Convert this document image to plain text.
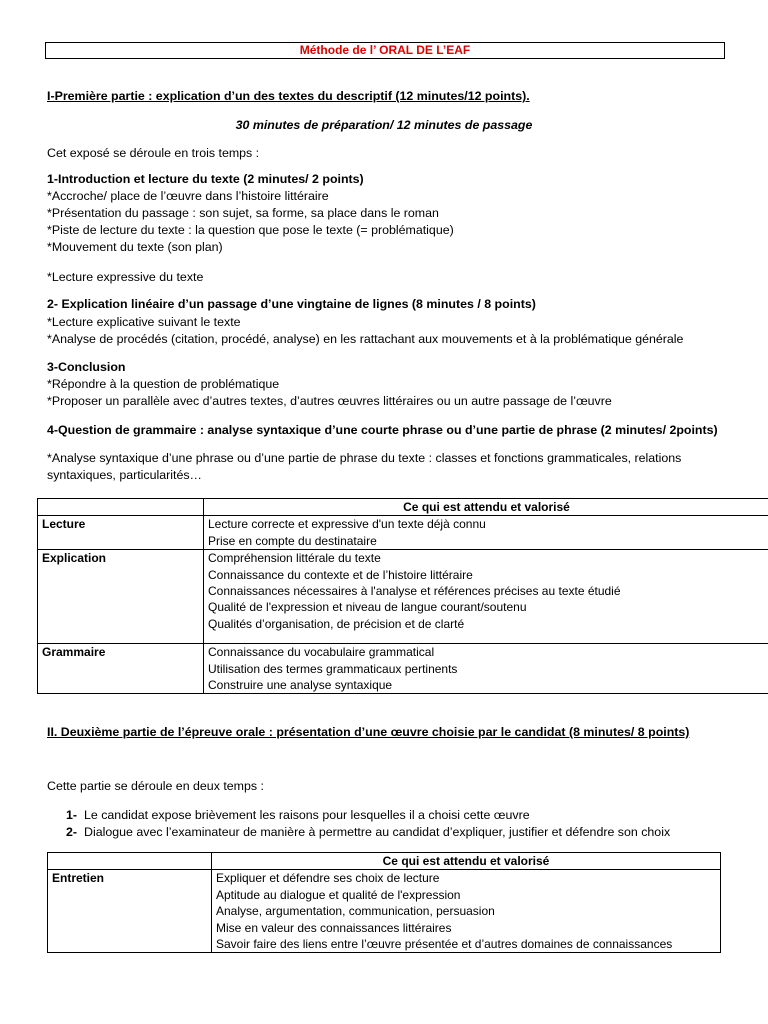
Méthode de l’ ORAL DE L’EAF
I-Première partie : explication d’un des textes du descriptif (12 minutes/12 points).
30 minutes de préparation/ 12 minutes de passage
Cet exposé se déroule en trois temps :
1-Introduction et lecture du texte (2 minutes/ 2 points)
*Accroche/ place de l’œuvre dans l’histoire littéraire
*Présentation du passage : son sujet, sa forme, sa place dans le roman
*Piste de lecture du texte : la question que pose le texte (= problématique)
*Mouvement du texte (son plan)
*Lecture expressive du texte
2- Explication linéaire d’un passage d’une vingtaine de lignes (8 minutes / 8 points)
*Lecture explicative suivant le texte
*Analyse de procédés (citation, procédé, analyse) en les rattachant aux mouvements et à la problématique générale
3-Conclusion
*Répondre à la question de problématique
*Proposer un parallèle avec d’autres textes, d’autres œuvres littéraires ou un autre passage de l’œuvre
4-Question de grammaire : analyse syntaxique d’une courte phrase ou d’une partie de phrase (2 minutes/ 2points)
*Analyse syntaxique d’une phrase ou d’une partie de phrase du texte : classes et fonctions grammaticales, relations
syntaxiques, particularités…
	Ce qui est attendu et valorisé
Lecture	Lecture correcte et expressive d'un texte déjà connu
Prise en compte du destinataire

Explication	Compréhension littérale du texte
Connaissance du contexte et de l’histoire littéraire
Connaissances nécessaires à l'analyse et références précises au texte étudié
Qualité de l'expression et niveau de langue courant/soutenu
Qualités d’organisation, de précision et de clarté

Grammaire	Connaissance du vocabulaire grammatical
Utilisation des termes grammaticaux pertinents
Construire une analyse syntaxique
II. Deuxième partie de l’épreuve orale : présentation d’une œuvre choisie par le candidat (8 minutes/ 8 points)
Cette partie se déroule en deux temps :
1- Le candidat expose brièvement les raisons pour lesquelles il a choisi cette œuvre
2- Dialogue avec l’examinateur de manière à permettre au candidat d’expliquer, justifier et défendre son choix
	Ce qui est attendu et valorisé
Entretien	Expliquer et défendre ses choix de lecture
Aptitude au dialogue et qualité de l'expression
Analyse, argumentation, communication, persuasion
Mise en valeur des connaissances littéraires
Savoir faire des liens entre l’œuvre présentée et d’autres domaines de connaissances
